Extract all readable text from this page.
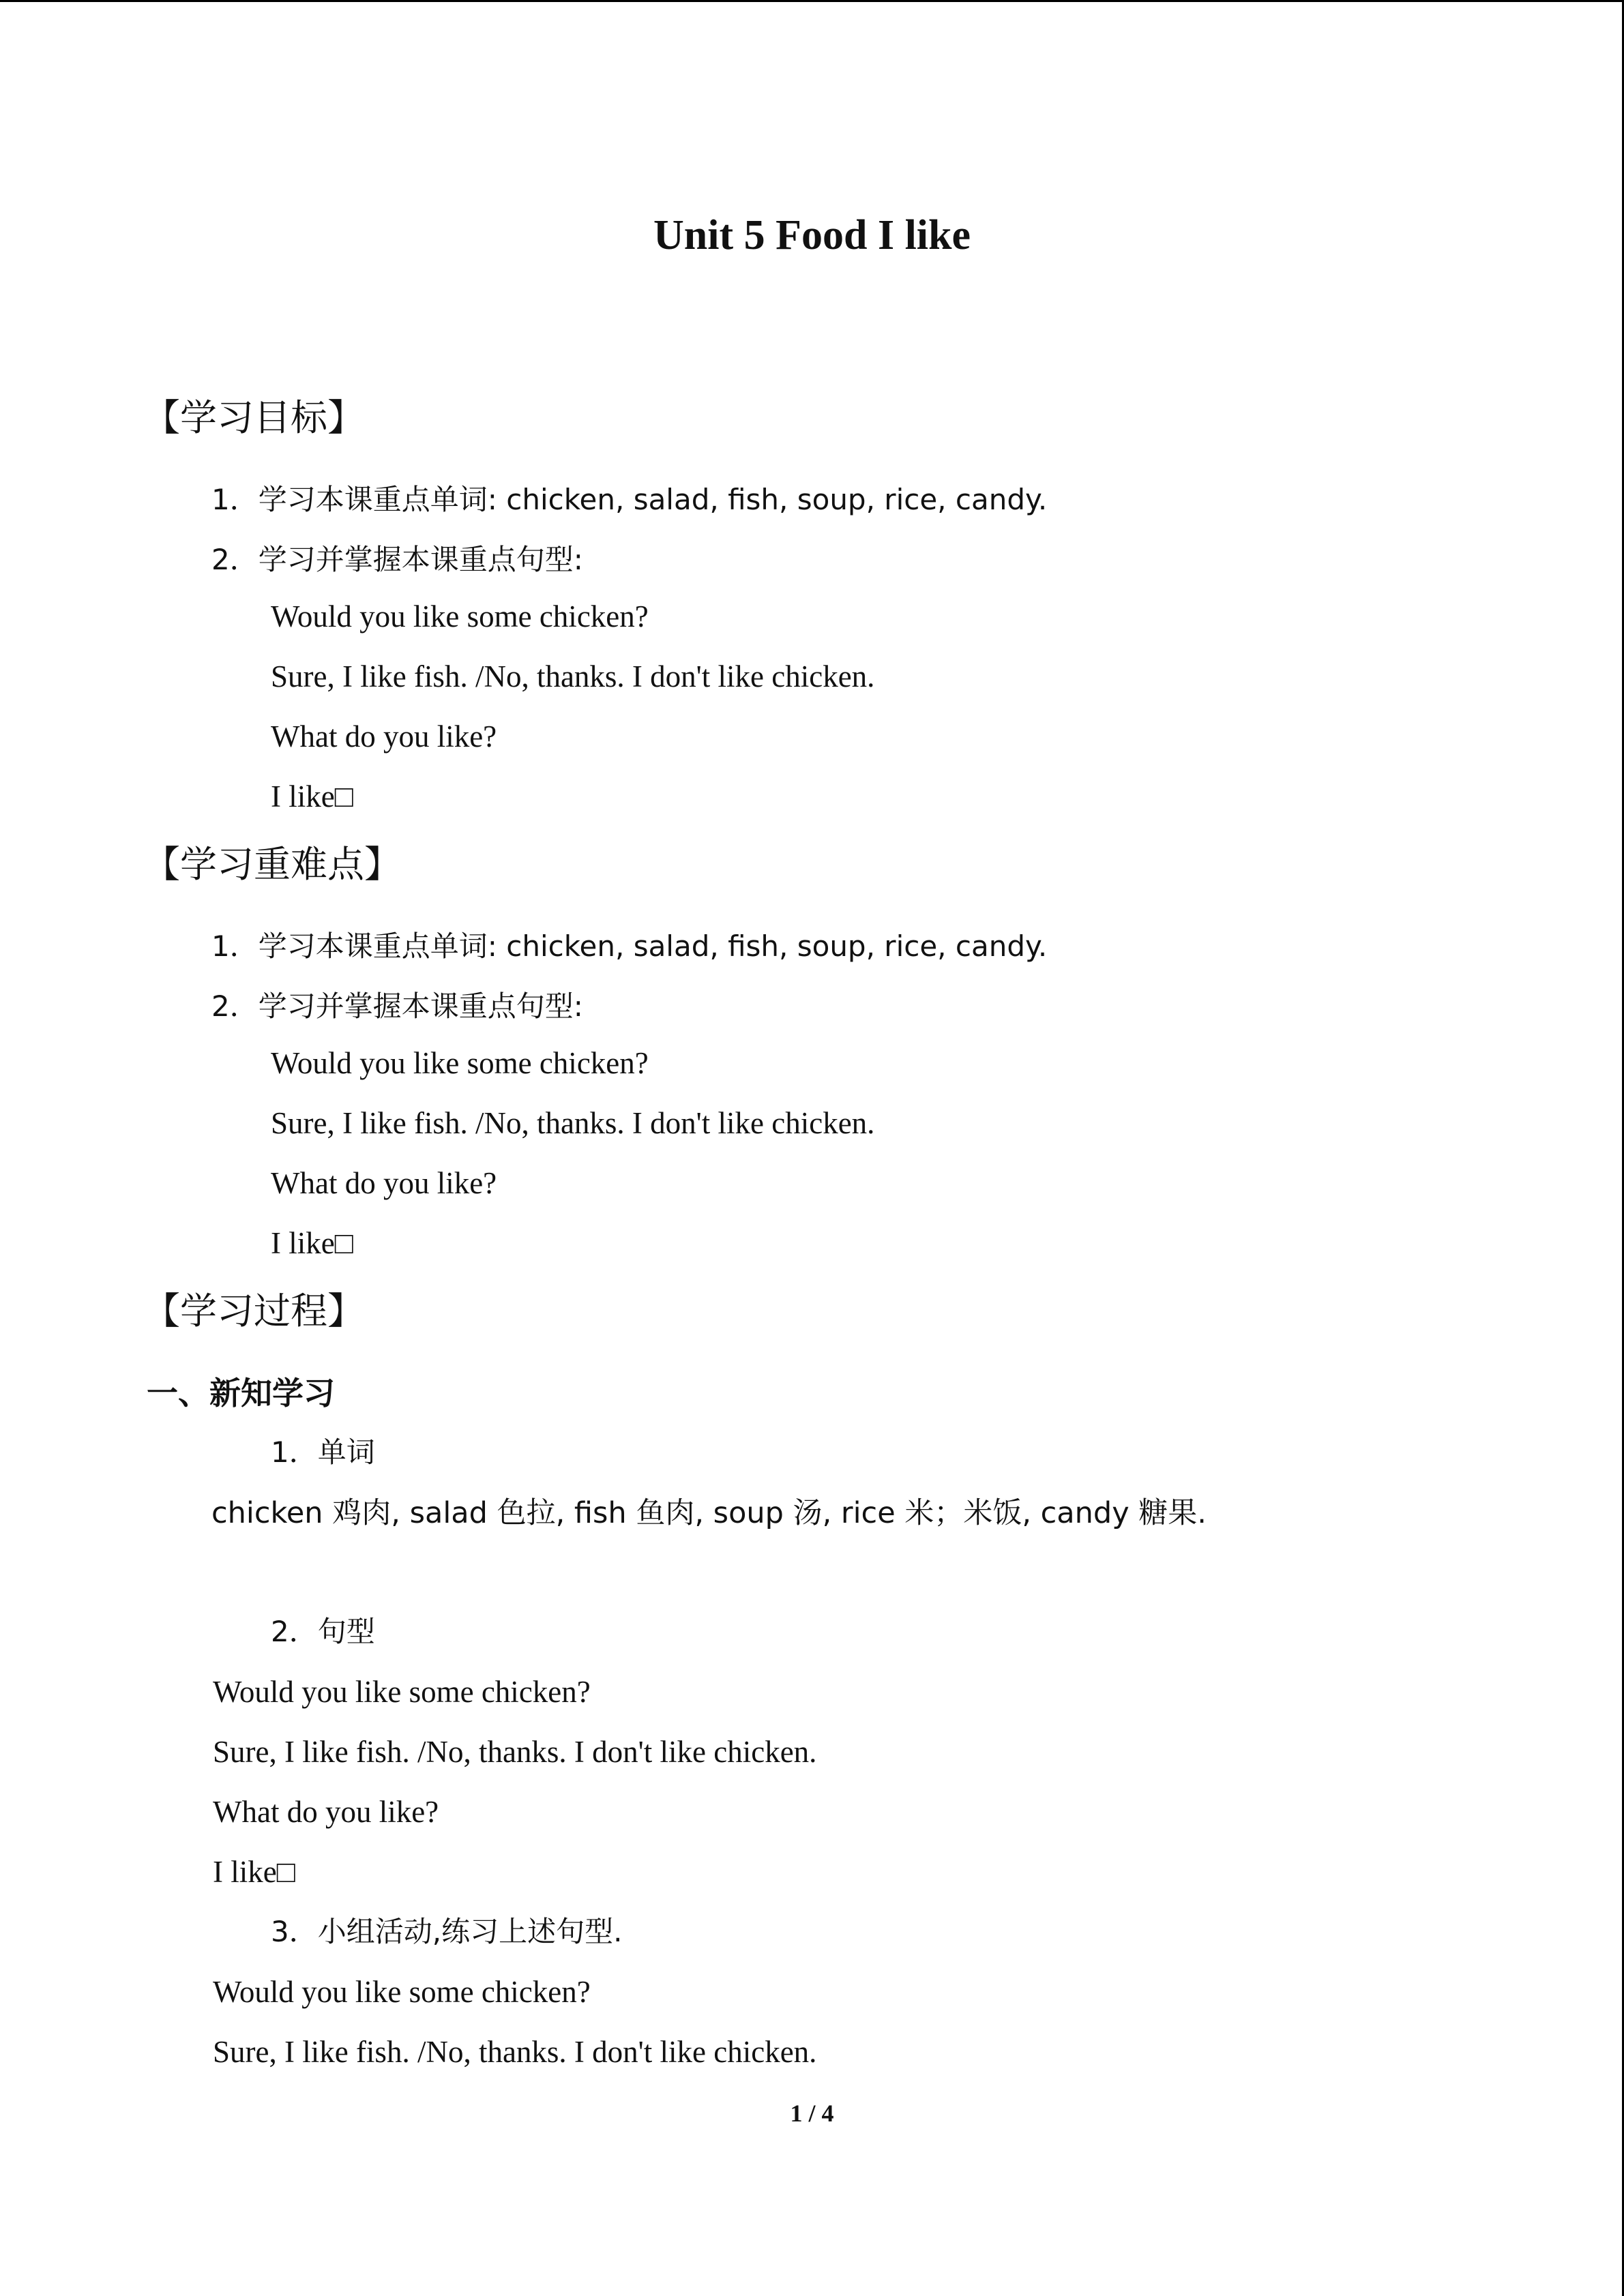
Unit 5 Food I like
【学习目标】
1．学习本课重点单词: chicken, salad, fish, soup, rice, candy.
2．学习并掌握本课重点句型:
Would you like some chicken?
Sure, I like fish. /No, thanks. I don't like chicken.
What do you like?
I like□
【学习重难点】
1．学习本课重点单词: chicken, salad, fish, soup, rice, candy.
2．学习并掌握本课重点句型:
Would you like some chicken?
Sure, I like fish. /No, thanks. I don't like chicken.
What do you like?
I like□
【学习过程】
一、新知学习
1．单词
chicken 鸡肉, salad 色拉, fish 鱼肉, soup 汤, rice 米；米饭, candy 糖果.
2．句型
Would you like some chicken?
Sure, I like fish. /No, thanks. I don't like chicken.
What do you like?
I like□
3．小组活动,练习上述句型.
Would you like some chicken?
Sure, I like fish. /No, thanks. I don't like chicken.
1 / 4
